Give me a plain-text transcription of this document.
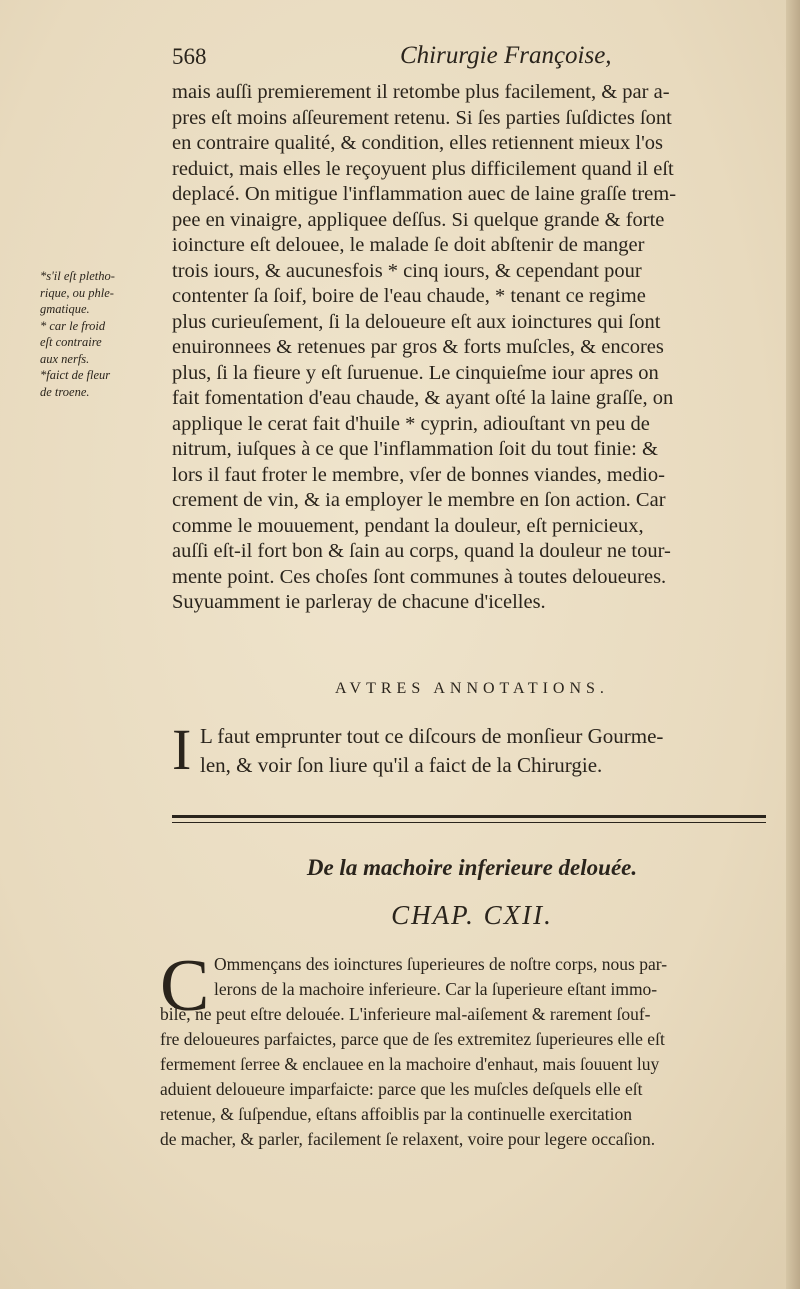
568	Chirurgie Françoise,
mais auſſi premierement il retombe plus facilement, & par a-
pres eſt moins aſſeurement retenu. Si ſes parties ſuſdictes ſont
en contraire qualité, & condition, elles retiennent mieux l'os
reduict, mais elles le reçoyuent plus difficilement quand il eſt
deplacé. On mitigue l'inflammation auec de laine graſſe trem-
pee en vinaigre, appliquee deſſus. Si quelque grande & forte
ioincture eſt delouee, le malade ſe doit abſtenir de manger
trois iours, & aucunesfois * cinq iours, & cependant pour
contenter ſa ſoif, boire de l'eau chaude, * tenant ce regime
plus curieuſement, ſi la deloueure eſt aux ioinctures qui ſont
enuironnees & retenues par gros & forts muſcles, & encores
plus, ſi la fieure y eſt ſuruenue. Le cinquieſme iour apres on
fait fomentation d'eau chaude, & ayant oſté la laine graſſe, on
applique le cerat fait d'huile * cyprin, adiouſtant vn peu de
nitrum, iuſques à ce que l'inflammation ſoit du tout finie: &
lors il faut froter le membre, vſer de bonnes viandes, medio-
crement de vin, & ia employer le membre en ſon action. Car
comme le mouuement, pendant la douleur, eſt pernicieux,
auſſi eſt-il fort bon & ſain au corps, quand la douleur ne tour-
mente point. Ces choſes ſont communes à toutes deloueures.
Suyuamment ie parleray de chacune d'icelles.
*s'il eſt pletho-
rique, ou phle-
gmatique.
* car le froid
eſt contraire
aux nerfs.
*faict de fleur
de troene.
AVTRES ANNOTATIONS.
I L faut emprunter tout ce diſcours de monſieur Gourme-
len, & voir ſon liure qu'il a faict de la Chirurgie.
De la machoire inferieure delouée.
CHAP. CXII.
C Ommençans des ioinctures ſuperieures de noſtre corps, nous par-
lerons de la machoire inferieure. Car la ſuperieure eſtant immo-
bile, ne peut eſtre delouée. L'inferieure mal-aiſement & rarement ſouf-
fre deloueures parfaictes, parce que de ſes extremitez ſuperieures elle eſt
fermement ſerree & enclauee en la machoire d'enhaut, mais ſouuent luy
aduient deloueure imparfaicte: parce que les muſcles deſquels elle eſt
retenue, & ſuſpendue, eſtans affoiblis par la continuelle exercitation
de macher, & parler, facilement ſe relaxent, voire pour legere occaſion.
